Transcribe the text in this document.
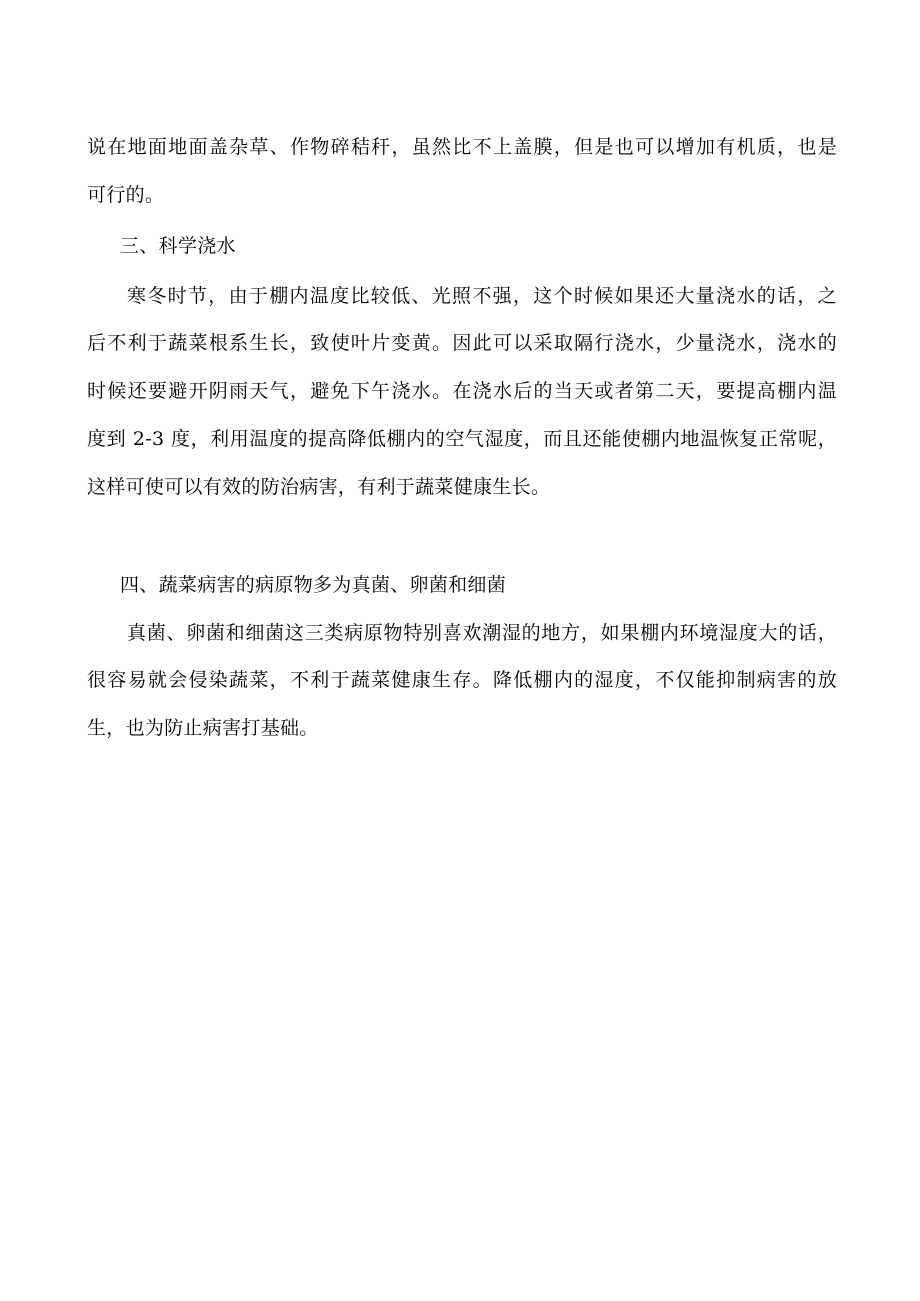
说在地面地面盖杂草、作物碎秸秆，虽然比不上盖膜，但是也可以增加有机质，也是
可行的。
三、科学浇水
寒冬时节，由于棚内温度比较低、光照不强，这个时候如果还大量浇水的话，之
后不利于蔬菜根系生长，致使叶片变黄。因此可以采取隔行浇水，少量浇水，浇水的
时候还要避开阴雨天气，避免下午浇水。在浇水后的当天或者第二天，要提高棚内温
度到 2-3 度，利用温度的提高降低棚内的空气湿度，而且还能使棚内地温恢复正常呢，
这样可使可以有效的防治病害，有利于蔬菜健康生长。
四、蔬菜病害的病原物多为真菌、卵菌和细菌
真菌、卵菌和细菌这三类病原物特别喜欢潮湿的地方，如果棚内环境湿度大的话，
很容易就会侵染蔬菜，不利于蔬菜健康生存。降低棚内的湿度，不仅能抑制病害的放
生，也为防止病害打基础。
